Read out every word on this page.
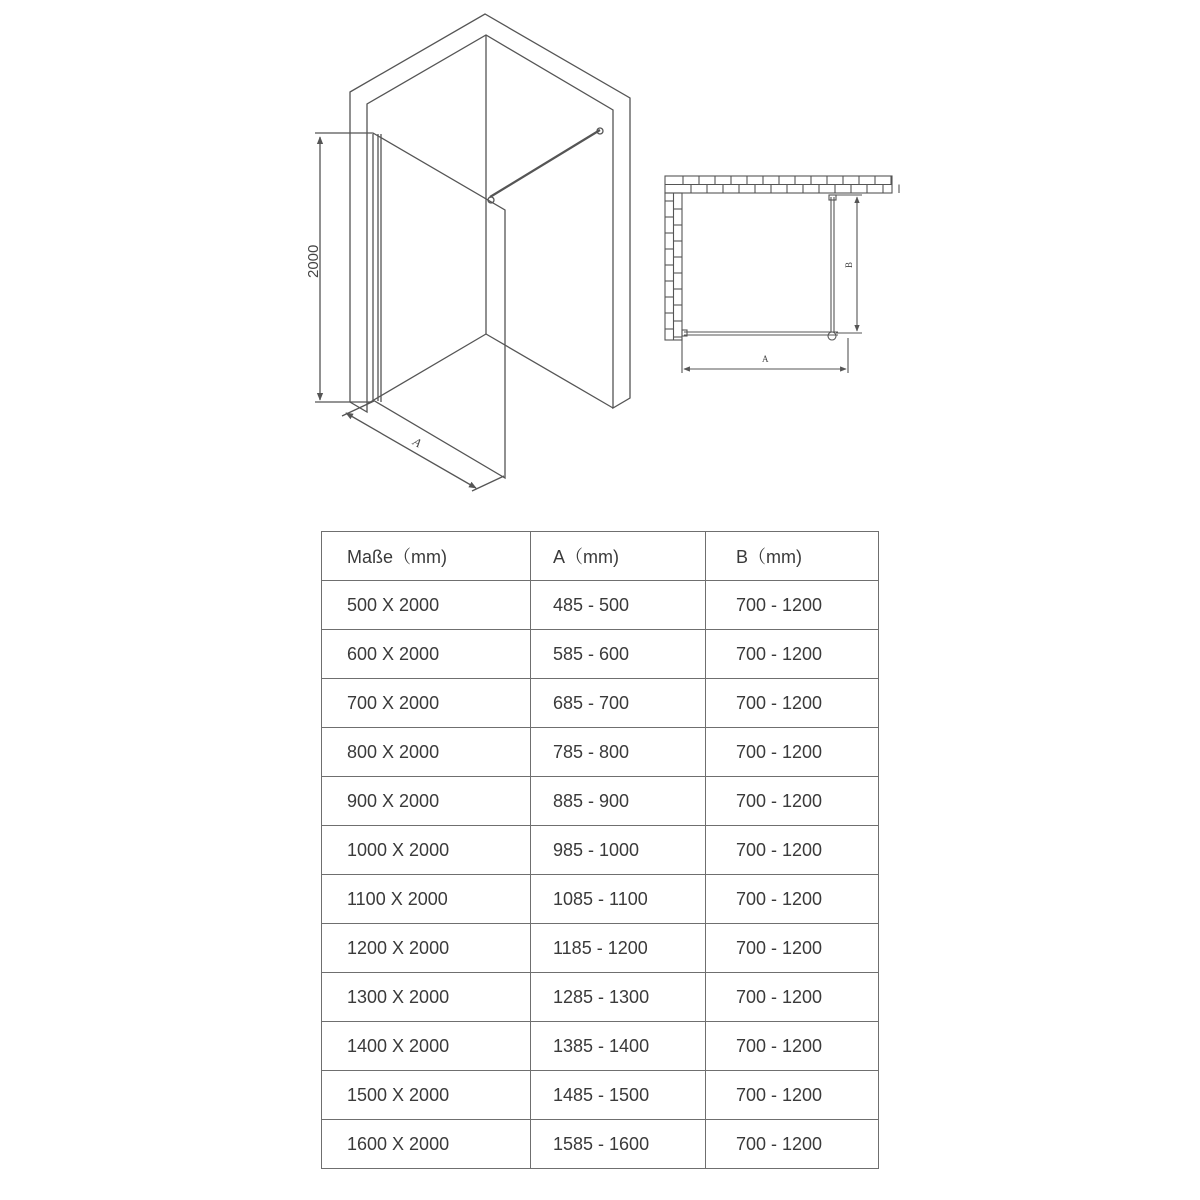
2000
A
A
B
Maße（mm)	A（mm)	B（mm)
500 X 2000	485 - 500	700 - 1200
600 X 2000	585 - 600	700 - 1200
700 X 2000	685 - 700	700 - 1200
800 X 2000	785 - 800	700 - 1200
900 X 2000	885 - 900	700 - 1200
1000 X 2000	985 - 1000	700 - 1200
1100 X 2000	1085 - 1100	700 - 1200
1200 X 2000	1185 - 1200	700 - 1200
1300 X 2000	1285 - 1300	700 - 1200
1400 X 2000	1385 - 1400	700 - 1200
1500 X 2000	1485 - 1500	700 - 1200
1600 X 2000	1585 - 1600	700 - 1200
